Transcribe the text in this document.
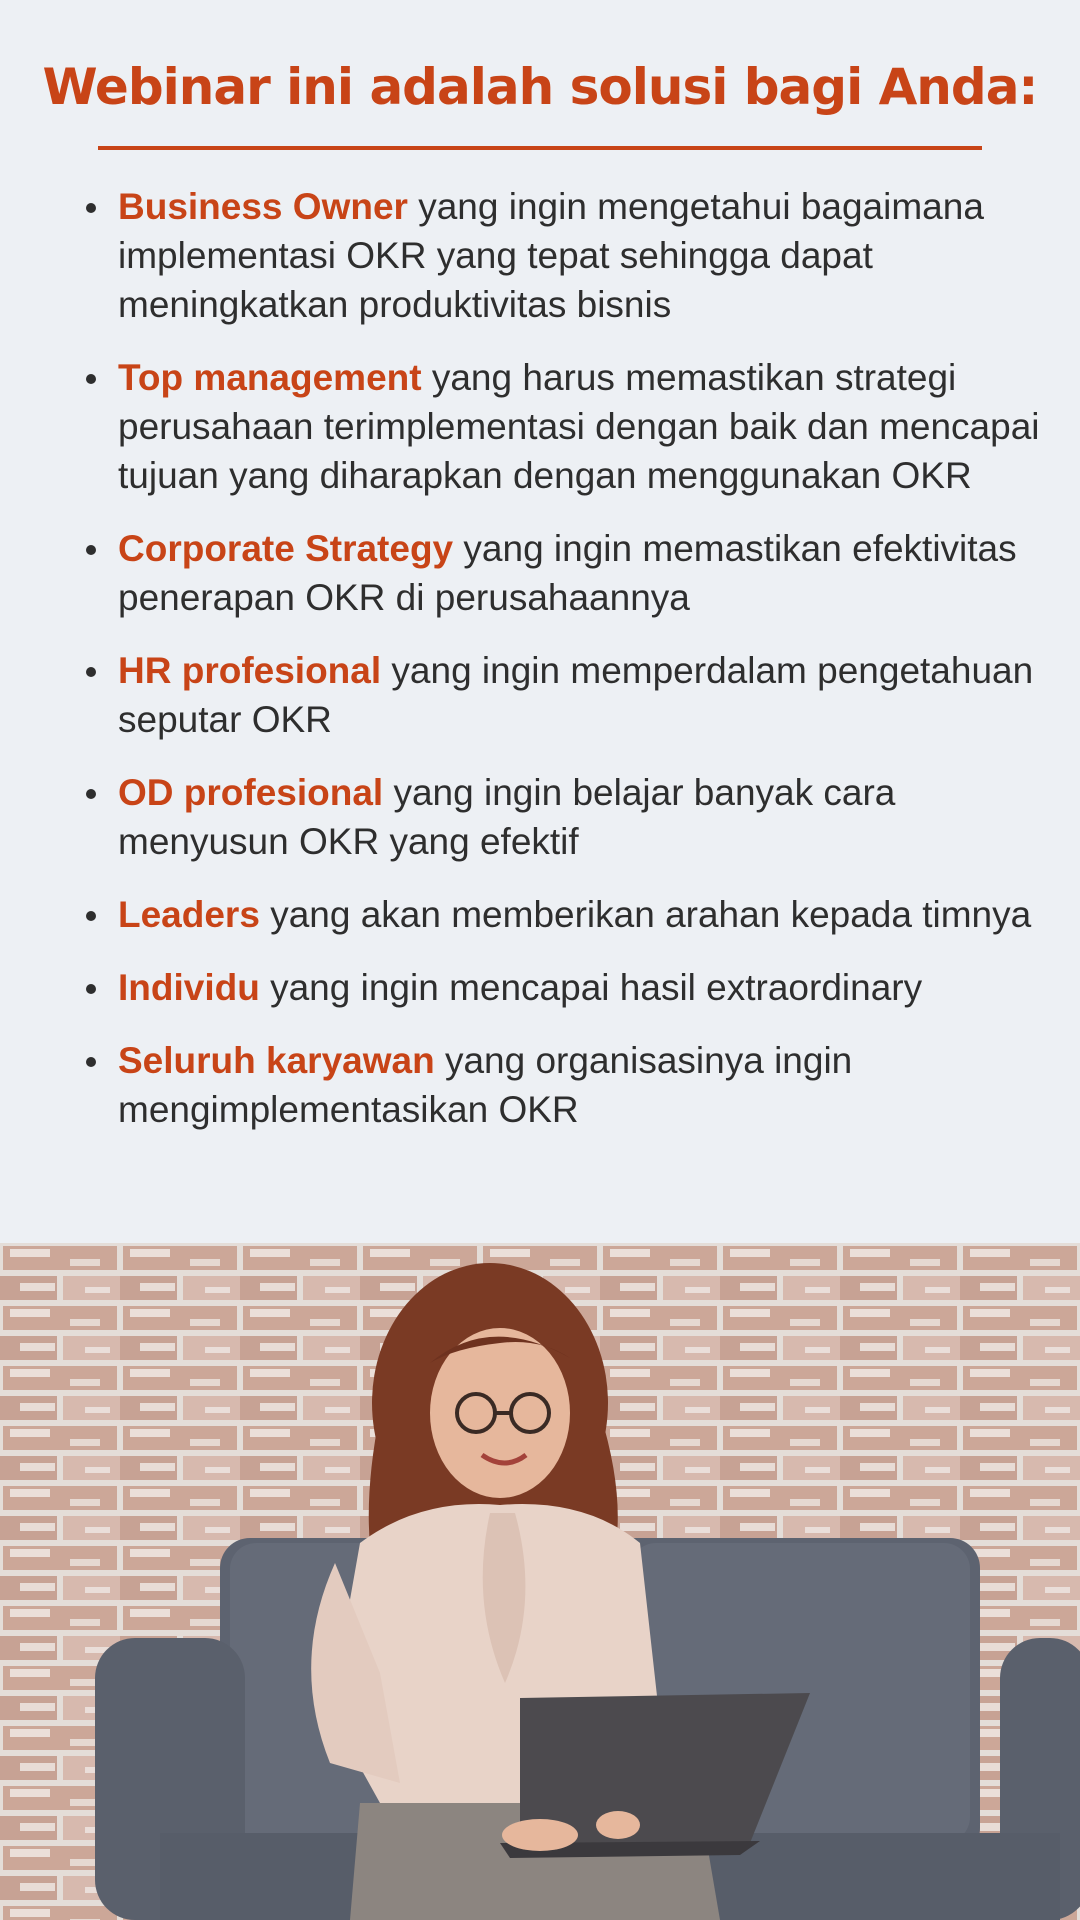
Webinar ini adalah solusi bagi Anda:
Business Owner yang ingin mengetahui bagaimana implementasi OKR yang tepat sehingga dapat meningkatkan produktivitas bisnis
Top management yang harus memastikan strategi perusahaan terimplementasi dengan baik dan mencapai tujuan yang diharapkan dengan menggunakan OKR
Corporate Strategy yang ingin memastikan efektivitas penerapan OKR di perusahaannya
HR profesional yang ingin memperdalam pengetahuan seputar OKR
OD profesional yang ingin belajar banyak cara menyusun OKR yang efektif
Leaders yang akan memberikan arahan kepada timnya
Individu yang ingin mencapai hasil extraordinary
Seluruh karyawan yang organisasinya ingin mengimplementasikan OKR
